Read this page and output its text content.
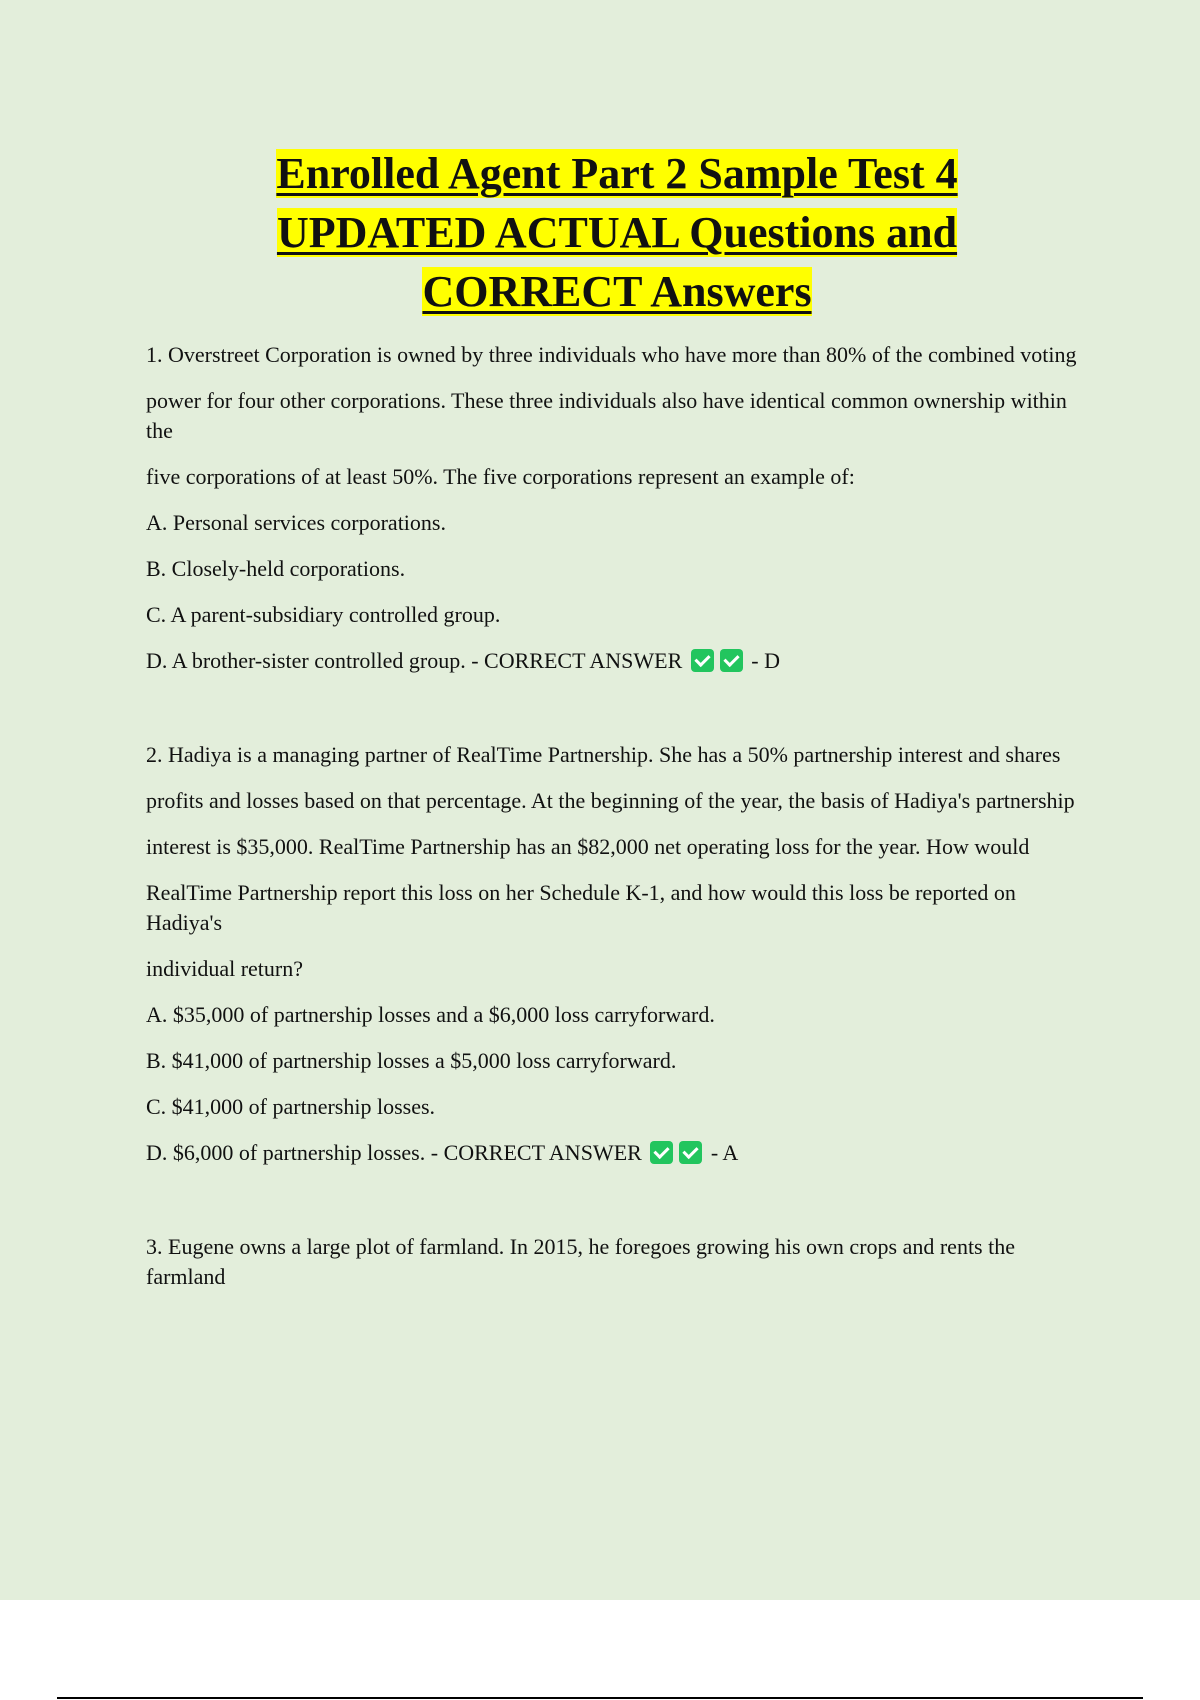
Enrolled Agent Part 2 Sample Test 4
UPDATED ACTUAL Questions and
CORRECT Answers

1. Overstreet Corporation is owned by three individuals who have more than 80% of the combined voting

power for four other corporations. These three individuals also have identical common ownership within the

five corporations of at least 50%. The five corporations represent an example of:

A. Personal services corporations.

B. Closely-held corporations.

C. A parent-subsidiary controlled group.

D. A brother-sister controlled group. - CORRECT ANSWER	- D

2. Hadiya is a managing partner of RealTime Partnership. She has a 50% partnership interest and shares

profits and losses based on that percentage. At the beginning of the year, the basis of Hadiya's partnership

interest is $35,000. RealTime Partnership has an $82,000 net operating loss for the year. How would

RealTime Partnership report this loss on her Schedule K-1, and how would this loss be reported on Hadiya's

individual return?

A. $35,000 of partnership losses and a $6,000 loss carryforward.

B. $41,000 of partnership losses a $5,000 loss carryforward.

C. $41,000 of partnership losses.

D. $6,000 of partnership losses. - CORRECT ANSWER	- A

3. Eugene owns a large plot of farmland. In 2015, he foregoes growing his own crops and rents the farmland
